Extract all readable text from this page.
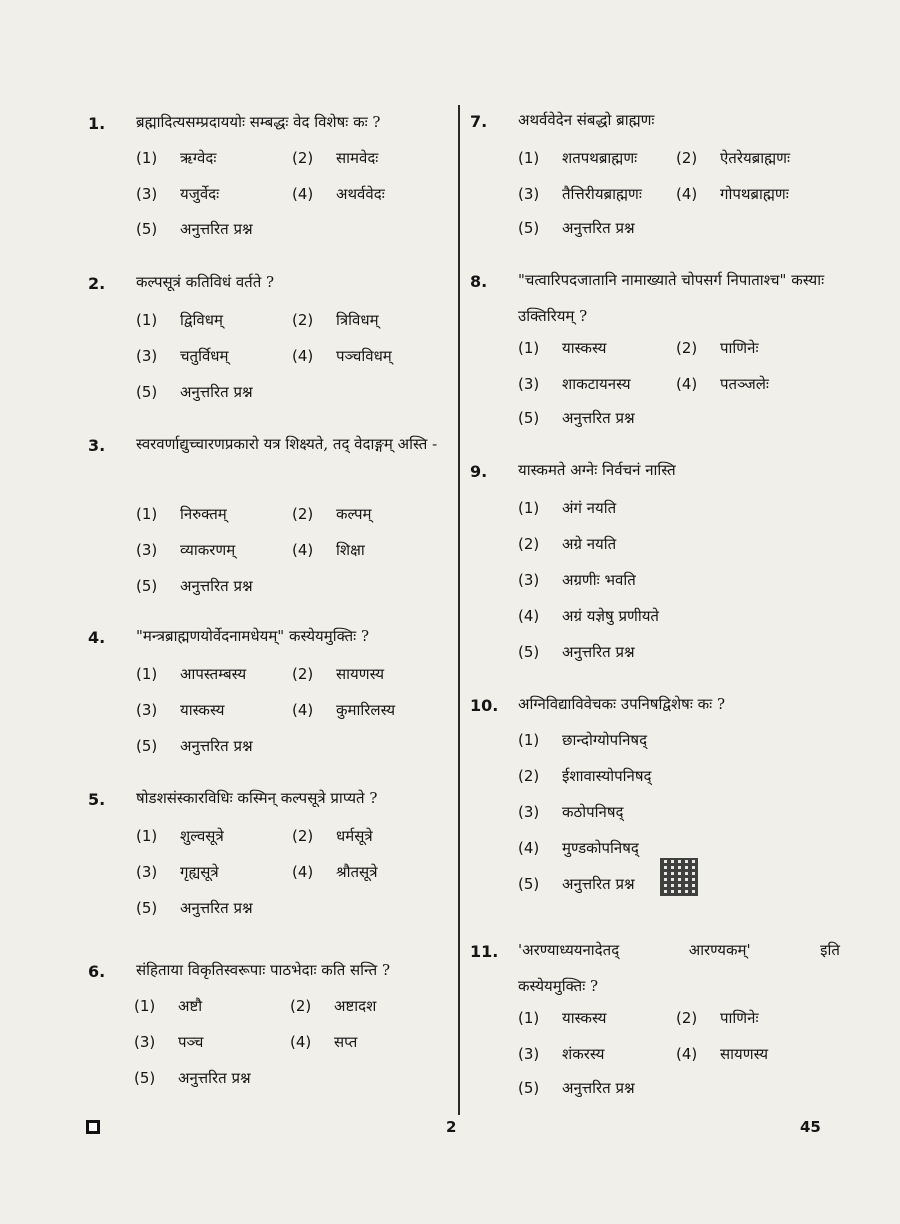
1. ब्रह्मादित्यसम्प्रदाययोः सम्बद्धः वेद विशेषः कः ?
(1) ऋग्वेदः	(2) सामवेदः
(3) यजुर्वेदः	(4) अथर्ववेदः
(5) अनुत्तरित प्रश्न
2. कल्पसूत्रं कतिविधं वर्तते ?
(1) द्विविधम्	(2) त्रिविधम्
(3) चतुर्विधम्	(4) पञ्चविधम्
(5) अनुत्तरित प्रश्न
3. स्वरवर्णाद्युच्चारणप्रकारो यत्र शिक्ष्यते, तद् वेदाङ्गम् अस्ति -
(1) निरुक्तम्	(2) कल्पम्
(3) व्याकरणम्	(4) शिक्षा
(5) अनुत्तरित प्रश्न
4. "मन्त्रब्राह्मणयोर्वेदनामधेयम्" कस्येयमुक्तिः ?
(1) आपस्तम्बस्य	(2) सायणस्य
(3) यास्कस्य	(4) कुमारिलस्य
(5) अनुत्तरित प्रश्न
5. षोडशसंस्कारविधिः कस्मिन् कल्पसूत्रे प्राप्यते ?
(1) शुल्वसूत्रे	(2) धर्मसूत्रे
(3) गृह्यसूत्रे	(4) श्रौतसूत्रे
(5) अनुत्तरित प्रश्न
6. संहिताया विकृतिस्वरूपाः पाठभेदाः कति सन्ति ?
(1) अष्टौ	(2) अष्टादश
(3) पञ्च	(4) सप्त
(5) अनुत्तरित प्रश्न
7. अथर्ववेदेन संबद्धो ब्राह्मणः
(1) शतपथब्राह्मणः	(2) ऐतरेयब्राह्मणः
(3) तैत्तिरीयब्राह्मणः (4) गोपथब्राह्मणः
(5) अनुत्तरित प्रश्न
8. "चत्वारिपदजातानि नामाख्याते चोपसर्ग निपाताश्च" कस्याः उक्तिरियम् ?
(1) यास्कस्य	(2) पाणिनेः
(3) शाकटायनस्य	(4) पतञ्जलेः
(5) अनुत्तरित प्रश्न
9. यास्कमते अग्नेः निर्वचनं नास्ति
(1) अंगं नयति
(2) अग्रे नयति
(3) अग्रणीः भवति
(4) अग्रं यज्ञेषु प्रणीयते
(5) अनुत्तरित प्रश्न
10. अग्निविद्याविवेचकः उपनिषद्विशेषः कः ?
(1) छान्दोग्योपनिषद्
(2) ईशावास्योपनिषद्
(3) कठोपनिषद्
(4) मुण्डकोपनिषद्
(5) अनुत्तरित प्रश्न
11. 'अरण्याध्ययनादेतद्	आरण्यकम्'	इति
कस्येयमुक्तिः ?
(1) यास्कस्य	(2) पाणिनेः
(3) शंकरस्य	(4) सायणस्य
(5) अनुत्तरित प्रश्न
2	45
